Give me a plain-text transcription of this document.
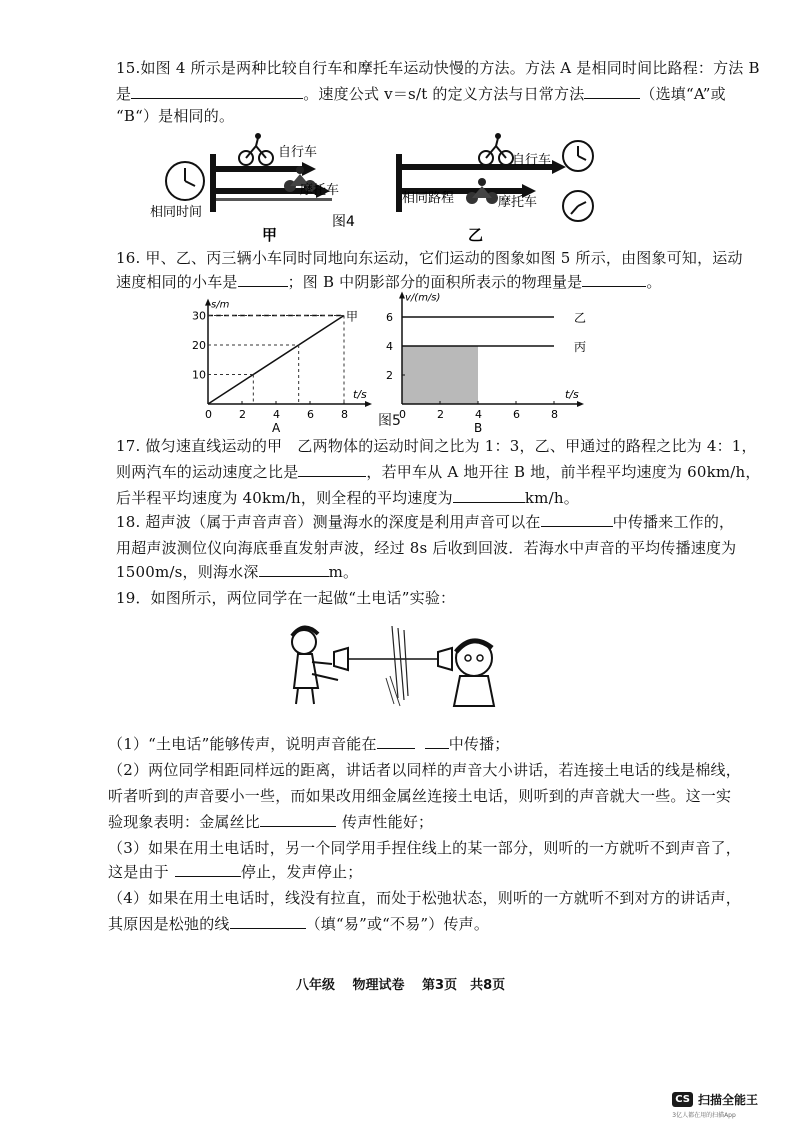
15.如图 4 所示是两种比较自行车和摩托车运动快慢的方法。方法 A 是相同时间比路程：方法 B
是	。速度公式 v＝s/t 的定义方法与日常方法	（选填“A”或
“B“）是相同的。
自行车
摩托车
相同时间
图4
甲
自行车
相同路程	摩托车
乙
16. 甲、乙、丙三辆小车同时同地向东运动，它们运动的图象如图 5 所示，由图象可知，运动
速度相同的小车是	；图 B 中阴影部分的面积所表示的物理量是	。
0 2 4 6 8
10
20
30
s/m
t/s
甲
A
0	2	4	6	8
2
4
6
v/(m/s)
t/s
乙
丙
B
图5
17. 做匀速直线运动的甲　乙两物体的运动时间之比为 1：3，乙、甲通过的路程之比为 4：1，
则两汽车的运动速度之比是	，若甲车从 A 地开往 B 地，前半程平均速度为 60km/h，
后半程平均速度为 40km/h，则全程的平均速度为	km/h。
18. 超声波（属于声音声音）测量海水的深度是利用声音可以在	中传播来工作的，
用超声波测位仪向海底垂直发射声波，经过 8s 后收到回波．若海水中声音的平均传播速度为
1500m/s，则海水深	m。
19．如图所示，两位同学在一起做“土电话”实验：
（1）“土电话”能够传声，说明声音能在	中传播；
（2）两位同学相距同样远的距离，讲话者以同样的声音大小讲话，若连接土电话的线是棉线，
听者听到的声音要小一些，而如果改用细金属丝连接土电话，则听到的声音就大一些。这一实
验现象表明：金属丝比	传声性能好；
（3）如果在用土电话时，另一个同学用手捏住线上的某一部分，则听的一方就听不到声音了，
这是由于	停止，发声停止；
（4）如果在用土电话时，线没有拉直，而处于松弛状态，则听的一方就听不到对方的讲话声，
其原因是松弛的线	（填“易”或“不易”）传声。
八年级　 物理试卷　 第3页　共8页
CS 扫描全能王
3亿人都在用的扫描App
